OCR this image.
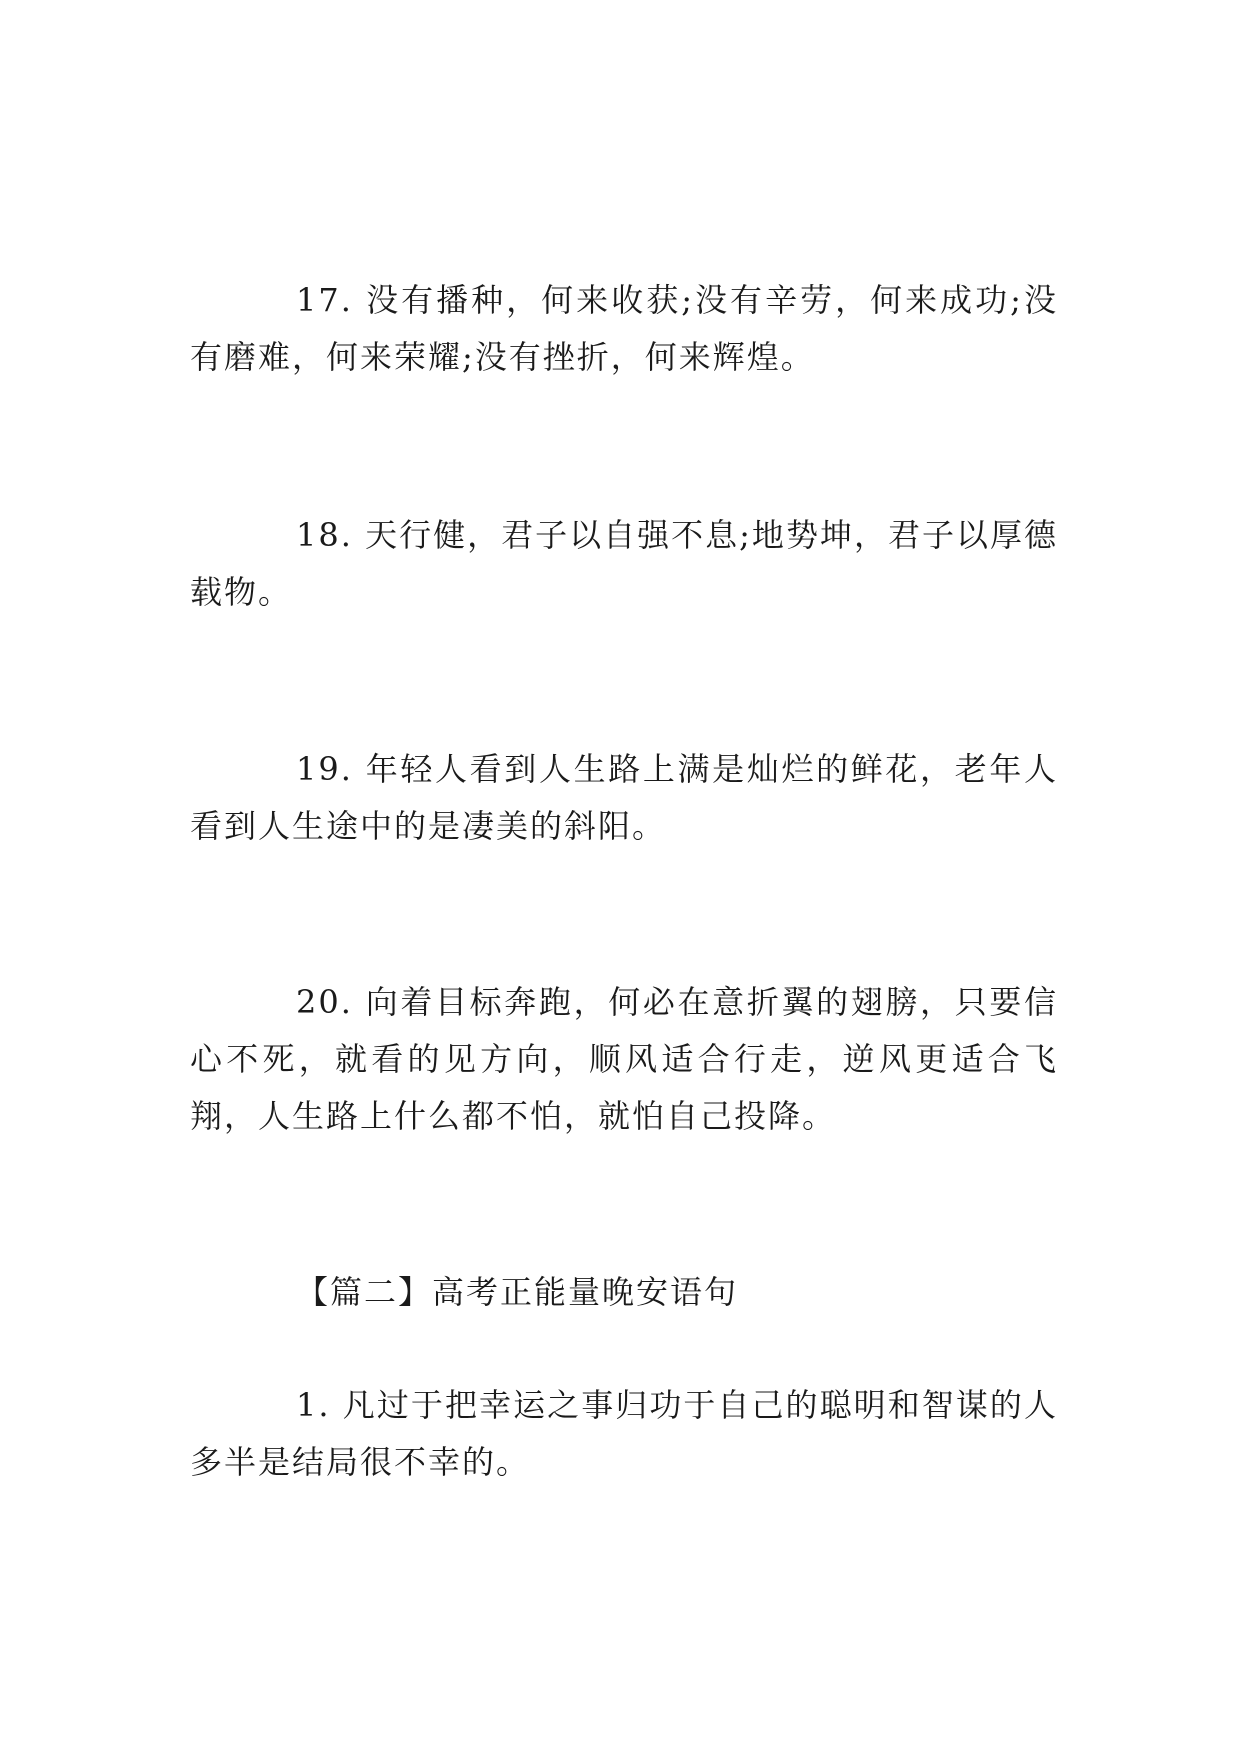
17. 没有播种，何来收获;没有辛劳，何来成功;没有磨难，何来荣耀;没有挫折，何来辉煌。

18. 天行健，君子以自强不息;地势坤，君子以厚德载物。

19. 年轻人看到人生路上满是灿烂的鲜花，老年人看到人生途中的是凄美的斜阳。

20. 向着目标奔跑，何必在意折翼的翅膀，只要信心不死，就看的见方向，顺风适合行走，逆风更适合飞翔，人生路上什么都不怕，就怕自己投降。

【篇二】高考正能量晚安语句

1. 凡过于把幸运之事归功于自己的聪明和智谋的人多半是结局很不幸的。
